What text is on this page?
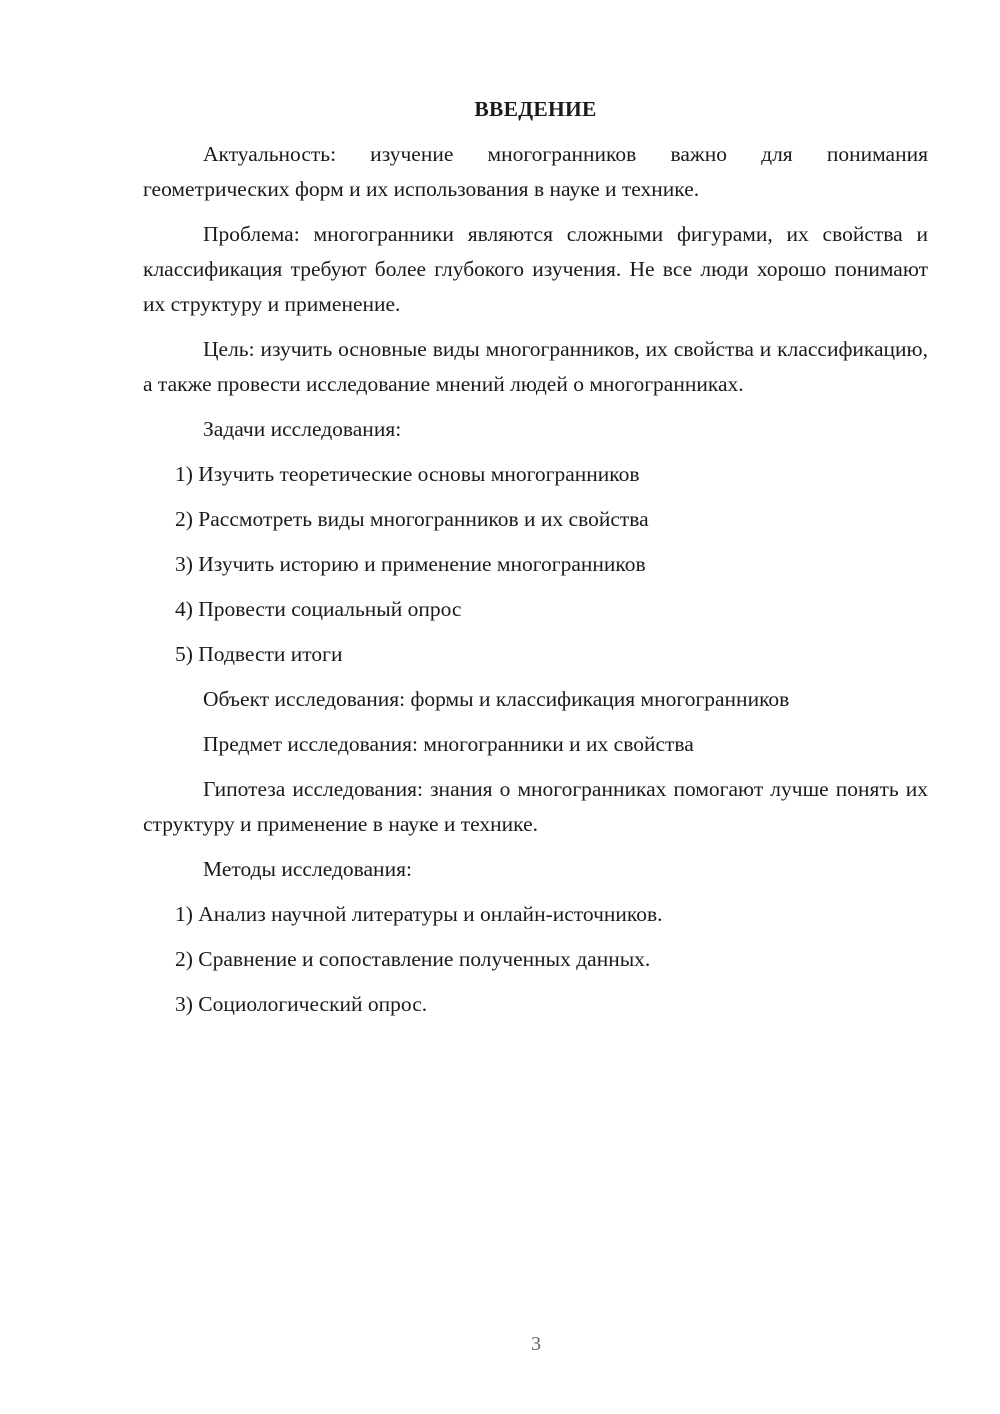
ВВЕДЕНИЕ
Актуальность: изучение многогранников важно для понимания геометрических форм и их использования в науке и технике.
Проблема: многогранники являются сложными фигурами, их свойства и классификация требуют более глубокого изучения. Не все люди хорошо понимают их структуру и применение.
Цель: изучить основные виды многогранников, их свойства и классификацию, а также провести исследование мнений людей о многогранниках.
Задачи исследования:
1) Изучить теоретические основы многогранников
2) Рассмотреть виды многогранников и их свойства
3) Изучить историю и применение многогранников
4) Провести социальный опрос
5) Подвести итоги
Объект исследования: формы и классификация многогранников
Предмет исследования: многогранники и их свойства
Гипотеза исследования: знания о многогранниках помогают лучше понять их структуру и применение в науке и технике.
Методы исследования:
1) Анализ научной литературы и онлайн-источников.
2) Сравнение и сопоставление полученных данных.
3) Социологический опрос.
3
